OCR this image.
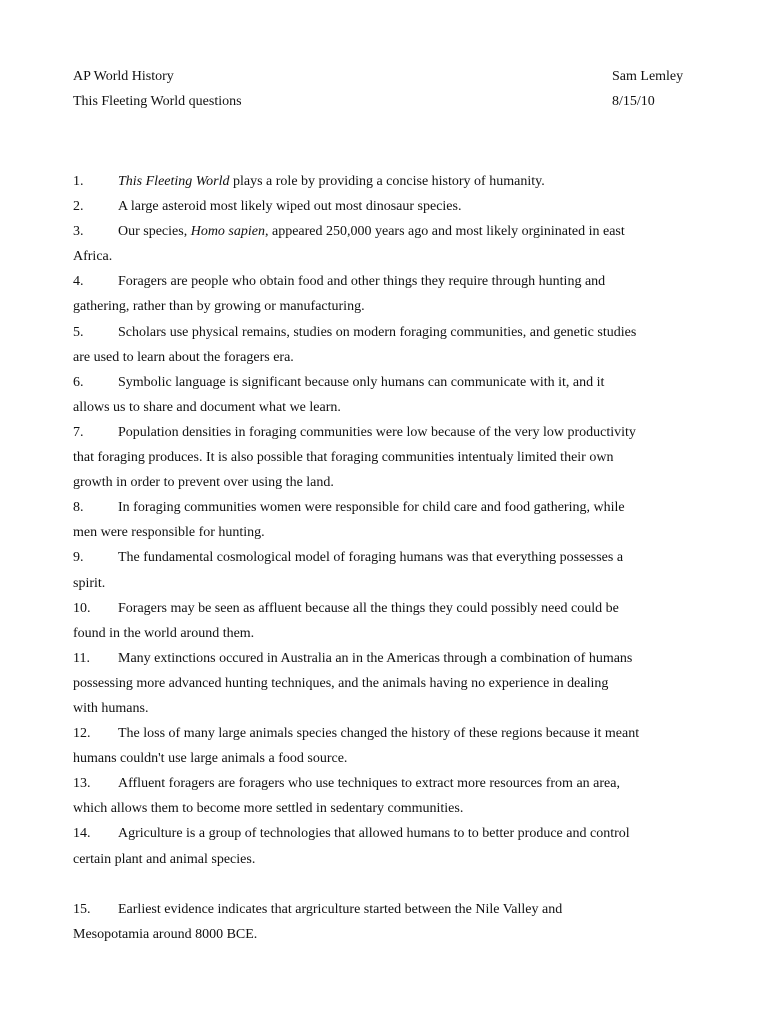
AP World History	Sam Lemley
This Fleeting World questions	8/15/10

1. This Fleeting World plays a role by providing a concise history of humanity.

2. A large asteroid most likely wiped out most dinosaur species.

3. Our species, Homo sapien, appeared 250,000 years ago and most likely orgininated in east
Africa.

4. Foragers are people who obtain food and other things they require through hunting and
gathering, rather than by growing or manufacturing.

5. Scholars use physical remains, studies on modern foraging communities, and genetic studies
are used to learn about the foragers era.

6. Symbolic language is significant because only humans can communicate with it, and it
allows us to share and document what we learn.

7. Population densities in foraging communities were low because of the very low productivity
that foraging produces. It is also possible that foraging communities intentualy limited their own
growth in order to prevent over using the land.

8. In foraging communities women were responsible for child care and food gathering, while
men were responsible for hunting.

9. The fundamental cosmological model of foraging humans was that everything possesses a
spirit.

10. Foragers may be seen as affluent because all the things they could possibly need could be
found in the world around them.

11. Many extinctions occured in Australia an in the Americas through a combination of humans
possessing more advanced hunting techniques, and the animals having no experience in dealing
with humans.

12. The loss of many large animals species changed the history of these regions because it meant
humans couldn't use large animals a food source.

13. Affluent foragers are foragers who use techniques to extract more resources from an area,
which allows them to become more settled in sedentary communities.

14. Agriculture is a group of technologies that allowed humans to to better produce and control
certain plant and animal species.

15. Earliest evidence indicates that argriculture started between the Nile Valley and
Mesopotamia around 8000 BCE.
